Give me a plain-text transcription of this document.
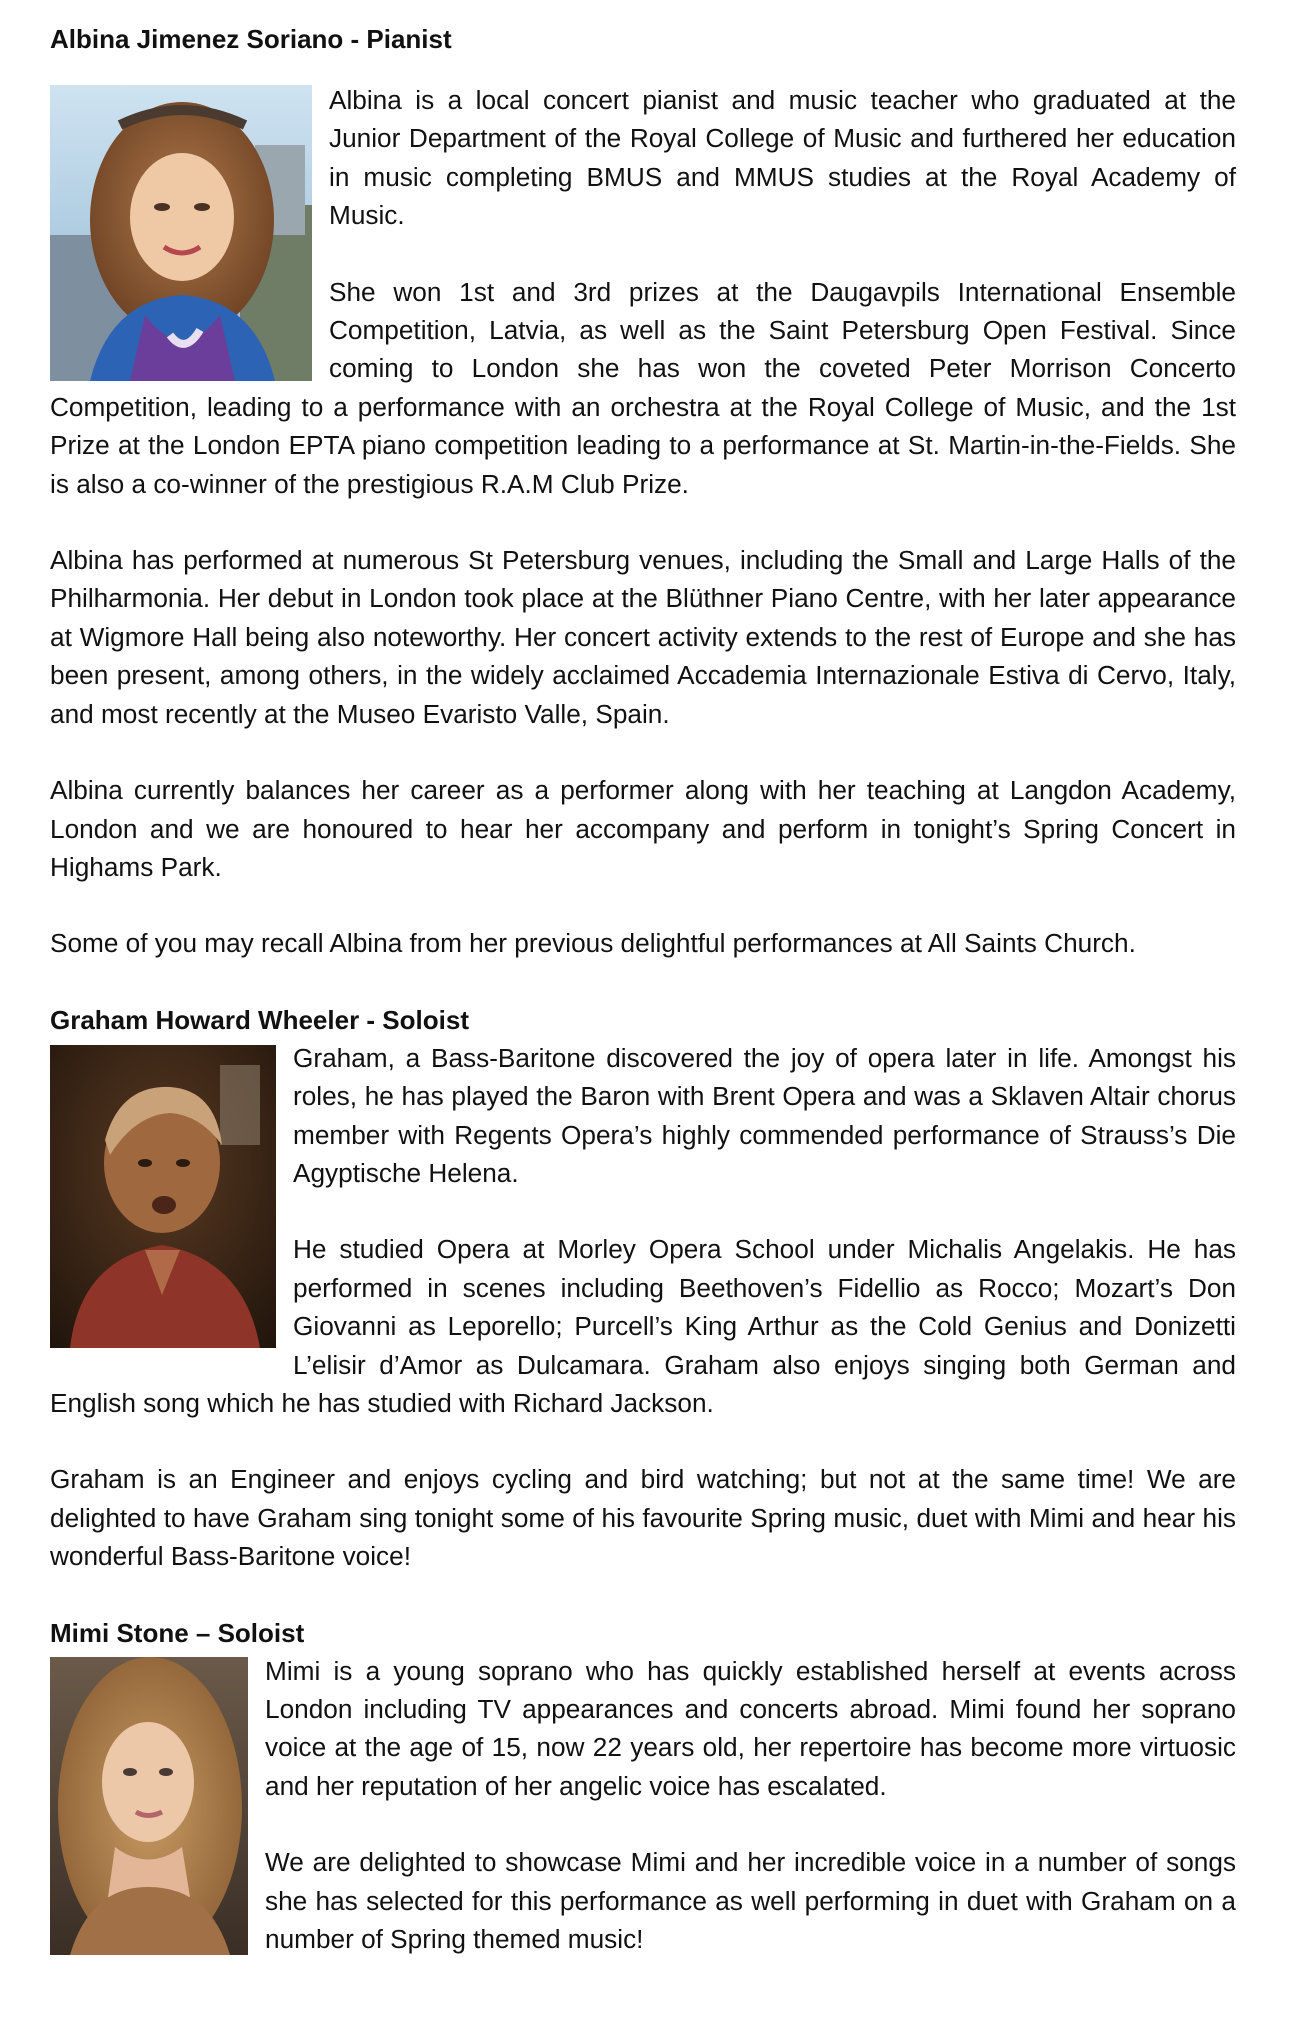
Albina Jimenez Soriano - Pianist

Albina is a local concert pianist and music teacher who graduated at the Junior Department of the Royal College of Music and furthered her education in music completing BMUS and MMUS studies at the Royal Academy of Music.

She won 1st and 3rd prizes at the Daugavpils International Ensemble Competition, Latvia, as well as the Saint Petersburg Open Festival. Since coming to London she has won the coveted Peter Morrison Concerto Competition, leading to a performance with an orchestra at the Royal College of Music, and the 1st Prize at the London EPTA piano competition leading to a performance at St. Martin-in-the-Fields. She is also a co-winner of the prestigious R.A.M Club Prize.

Albina has performed at numerous St Petersburg venues, including the Small and Large Halls of the Philharmonia. Her debut in London took place at the Blüthner Piano Centre, with her later appearance at Wigmore Hall being also noteworthy. Her concert activity extends to the rest of Europe and she has been present, among others, in the widely acclaimed Accademia Internazionale Estiva di Cervo, Italy, and most recently at the Museo Evaristo Valle, Spain.

Albina currently balances her career as a performer along with her teaching at Langdon Academy, London and we are honoured to hear her accompany and perform in tonight’s Spring Concert in Highams Park.

Some of you may recall Albina from her previous delightful performances at All Saints Church.

Graham Howard Wheeler - Soloist

Graham, a Bass-Baritone discovered the joy of opera later in life. Amongst his roles, he has played the Baron with Brent Opera and was a Sklaven Altair chorus member with Regents Opera’s highly commended performance of Strauss’s Die Agyptische Helena.

He studied Opera at Morley Opera School under Michalis Angelakis. He has performed in scenes including Beethoven’s Fidellio as Rocco; Mozart’s Don Giovanni as Leporello; Purcell’s King Arthur as the Cold Genius and Donizetti L’elisir d’Amor as Dulcamara. Graham also enjoys singing both German and English song which he has studied with Richard Jackson.

Graham is an Engineer and enjoys cycling and bird watching; but not at the same time! We are delighted to have Graham sing tonight some of his favourite Spring music, duet with Mimi and hear his wonderful Bass-Baritone voice!

Mimi Stone – Soloist

Mimi is a young soprano who has quickly established herself at events across London including TV appearances and concerts abroad. Mimi found her soprano voice at the age of 15, now 22 years old, her repertoire has become more virtuosic and her reputation of her angelic voice has escalated.

We are delighted to showcase Mimi and her incredible voice in a number of songs she has selected for this performance as well performing in duet with Graham on a number of Spring themed music!
